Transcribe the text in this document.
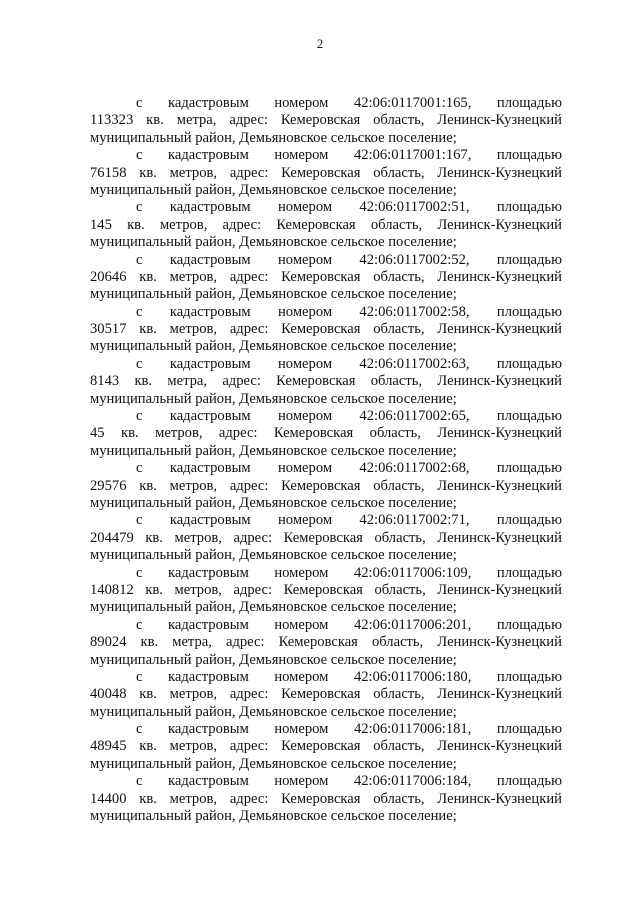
2
с кадастровым номером 42:06:0117001:165, площадью
113323 кв. метра, адрес: Кемеровская область, Ленинск-Кузнецкий
муниципальный район, Демьяновское сельское поселение;
с кадастровым номером 42:06:0117001:167, площадью
76158 кв. метров, адрес: Кемеровская область, Ленинск-Кузнецкий
муниципальный район, Демьяновское сельское поселение;
с кадастровым номером 42:06:0117002:51, площадью
145 кв. метров, адрес: Кемеровская область, Ленинск-Кузнецкий
муниципальный район, Демьяновское сельское поселение;
с кадастровым номером 42:06:0117002:52, площадью
20646 кв. метров, адрес: Кемеровская область, Ленинск-Кузнецкий
муниципальный район, Демьяновское сельское поселение;
с кадастровым номером 42:06:0117002:58, площадью
30517 кв. метров, адрес: Кемеровская область, Ленинск-Кузнецкий
муниципальный район, Демьяновское сельское поселение;
с кадастровым номером 42:06:0117002:63, площадью
8143 кв. метра, адрес: Кемеровская область, Ленинск-Кузнецкий
муниципальный район, Демьяновское сельское поселение;
с кадастровым номером 42:06:0117002:65, площадью
45 кв. метров, адрес: Кемеровская область, Ленинск-Кузнецкий
муниципальный район, Демьяновское сельское поселение;
с кадастровым номером 42:06:0117002:68, площадью
29576 кв. метров, адрес: Кемеровская область, Ленинск-Кузнецкий
муниципальный район, Демьяновское сельское поселение;
с кадастровым номером 42:06:0117002:71, площадью
204479 кв. метров, адрес: Кемеровская область, Ленинск-Кузнецкий
муниципальный район, Демьяновское сельское поселение;
с кадастровым номером 42:06:0117006:109, площадью
140812 кв. метров, адрес: Кемеровская область, Ленинск-Кузнецкий
муниципальный район, Демьяновское сельское поселение;
с кадастровым номером 42:06:0117006:201, площадью
89024 кв. метра, адрес: Кемеровская область, Ленинск-Кузнецкий
муниципальный район, Демьяновское сельское поселение;
с кадастровым номером 42:06:0117006:180, площадью
40048 кв. метров, адрес: Кемеровская область, Ленинск-Кузнецкий
муниципальный район, Демьяновское сельское поселение;
с кадастровым номером 42:06:0117006:181, площадью
48945 кв. метров, адрес: Кемеровская область, Ленинск-Кузнецкий
муниципальный район, Демьяновское сельское поселение;
с кадастровым номером 42:06:0117006:184, площадью
14400 кв. метров, адрес: Кемеровская область, Ленинск-Кузнецкий
муниципальный район, Демьяновское сельское поселение;
